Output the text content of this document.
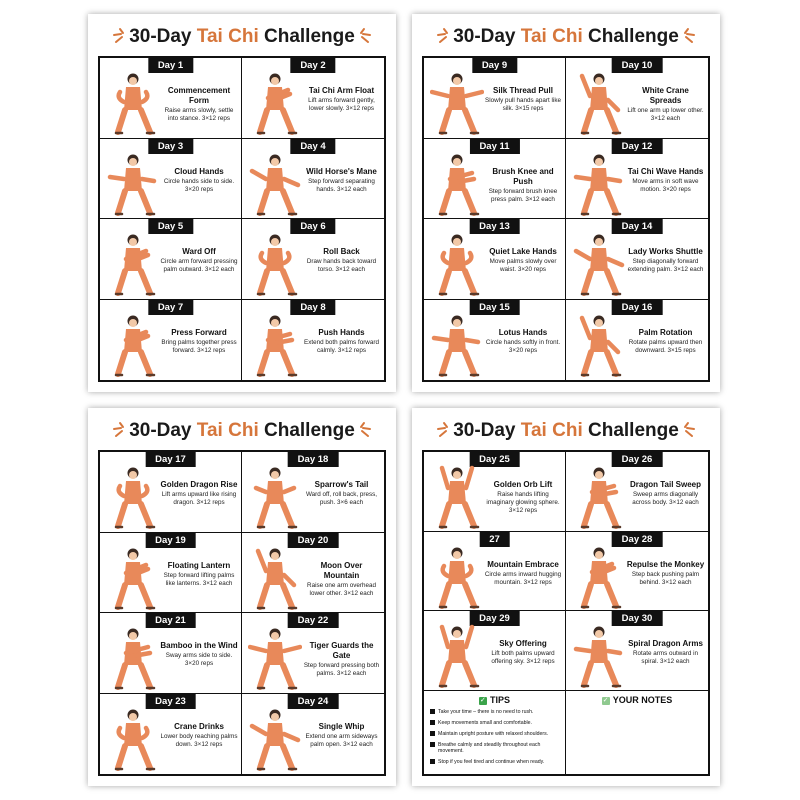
30-Day Tai Chi Challenge
Day 1
Commencement Form
Raise arms slowly, settle into stance. 3×12 reps
Day 2
Tai Chi Arm Float
Lift arms forward gently, lower slowly. 3×12 reps
Day 3
Cloud Hands
Circle hands side to side. 3×20 reps
Day 4
Wild Horse's Mane
Step forward separating hands. 3×12 each
Day 5
Ward Off
Circle arm forward pressing palm outward. 3×12 each
Day 6
Roll Back
Draw hands back toward torso. 3×12 each
Day 7
Press Forward
Bring palms together press forward. 3×12 reps
Day 8
Push Hands
Extend both palms forward calmly. 3×12 reps
30-Day Tai Chi Challenge
Day 9
Silk Thread Pull
Slowly pull hands apart like silk. 3×15 reps
Day 10
White Crane Spreads
Lift one arm up lower other. 3×12 each
Day 11
Brush Knee and Push
Step forward brush knee press palm. 3×12 each
Day 12
Tai Chi Wave Hands
Move arms in soft wave motion. 3×20 reps
Day 13
Quiet Lake Hands
Move palms slowly over waist. 3×20 reps
Day 14
Lady Works Shuttle
Step diagonally forward extending palm. 3×12 each
Day 15
Lotus Hands
Circle hands softly in front. 3×20 reps
Day 16
Palm Rotation
Rotate palms upward then downward. 3×15 reps
30-Day Tai Chi Challenge
Day 17
Golden Dragon Rise
Lift arms upward like rising dragon. 3×12 reps
Day 18
Sparrow's Tail
Ward off, roll back, press, push. 3×6 each
Day 19
Floating Lantern
Step forward lifting palms like lanterns. 3×12 each
Day 20
Moon Over Mountain
Raise one arm overhead lower other. 3×12 each
Day 21
Bamboo in the Wind
Sway arms side to side. 3×20 reps
Day 22
Tiger Guards the Gate
Step forward pressing both palms. 3×12 each
Day 23
Crane Drinks
Lower body reaching palms down. 3×12 reps
Day 24
Single Whip
Extend one arm sideways palm open. 3×12 each
30-Day Tai Chi Challenge
Day 25
Golden Orb Lift
Raise hands lifting imaginary glowing sphere. 3×12 reps
Day 26
Dragon Tail Sweep
Sweep arms diagonally across body. 3×12 each
27
Mountain Embrace
Circle arms inward hugging mountain. 3×12 reps
Day 28
Repulse the Monkey
Step back pushing palm behind. 3×12 each
Day 29
Sky Offering
Lift both palms upward offering sky. 3×12 reps
Day 30
Spiral Dragon Arms
Rotate arms outward in spiral. 3×12 each
✓ TIPS
Take your time – there is no need to rush.
Keep movements small and comfortable.
Maintain upright posture with relaxed shoulders.
Breathe calmly and steadily throughout each movement.
Stop if you feel tired and continue when ready.
✓ YOUR NOTES
